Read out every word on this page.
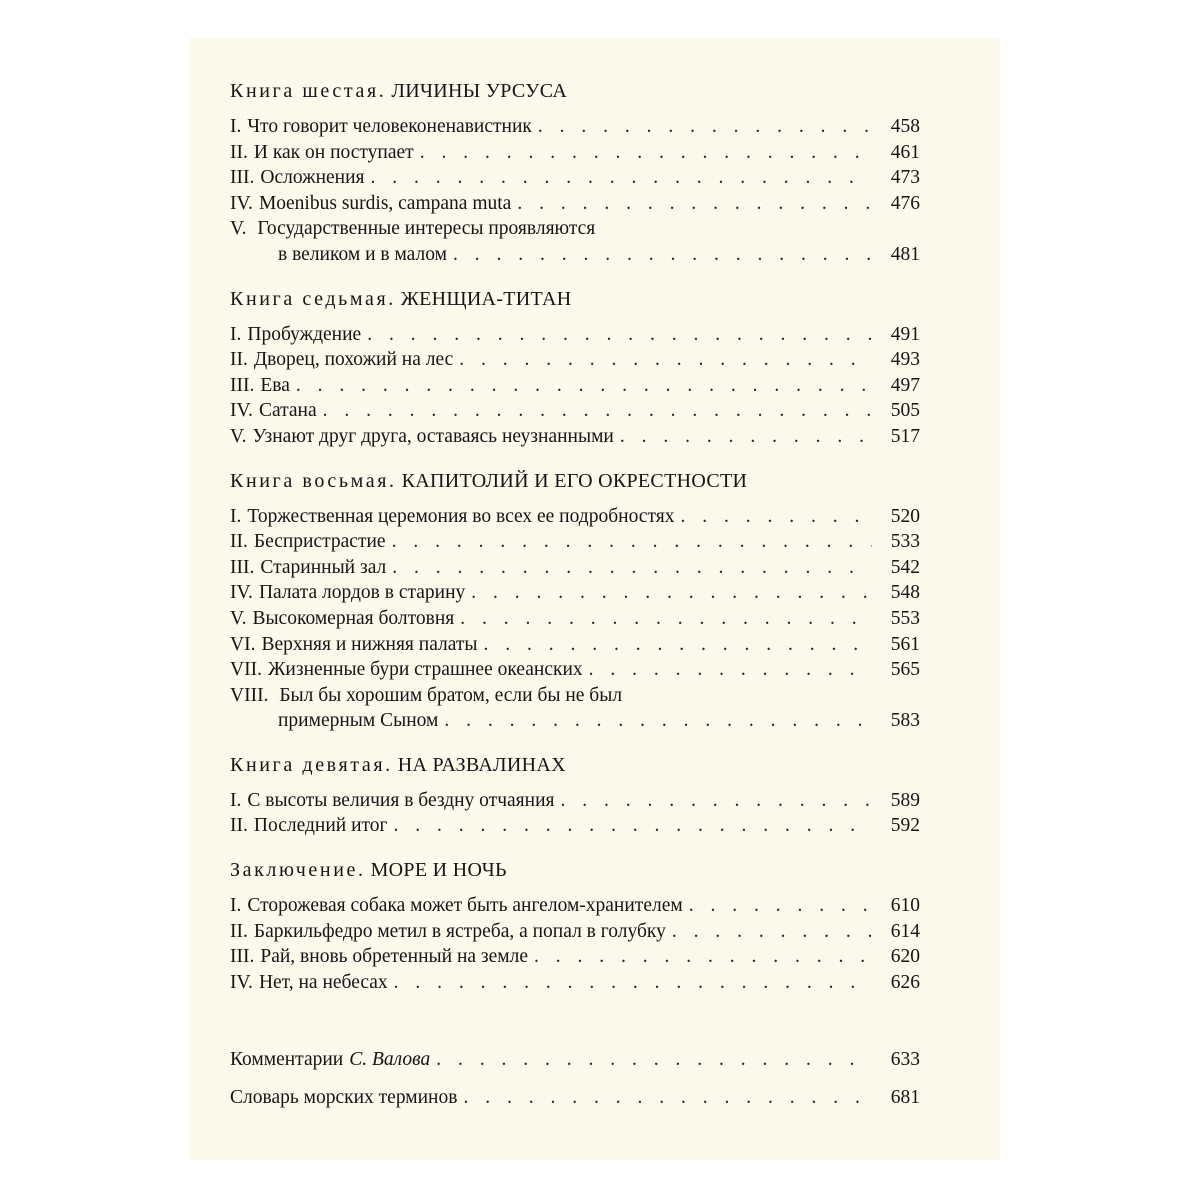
Книга шестая. ЛИЧИНЫ УРСУСА
I. Что говорит человеконенавистник . . .	458
II. И как он поступает . . .	461
III. Осложнения . . .	473
IV. Moenibus surdis, campana muta . . .	476
V. Государственные интересы проявляются
в великом и в малом . . .	481
Книга седьмая. ЖЕНЩИА-ТИТАН
I. Пробуждение . . .	491
II. Дворец, похожий на лес . . .	493
III. Ева . . .	497
IV. Сатана . . .	505
V. Узнают друг друга, оставаясь неузнанными . . .	517
Книга восьмая. КАПИТОЛИЙ И ЕГО ОКРЕСТНОСТИ
I. Торжественная церемония во всех ее подробностях . . .	520
II. Беспристрастие . . .	533
III. Старинный зал . . .	542
IV. Палата лордов в старину . . .	548
V. Высокомерная болтовня . . .	553
VI. Верхняя и нижняя палаты . . .	561
VII. Жизненные бури страшнее океанских . . .	565
VIII. Был бы хорошим братом, если бы не был
примерным Сыном . . .	583
Книга девятая. НА РАЗВАЛИНАХ
I. С высоты величия в бездну отчаяния . . .	589
II. Последний итог . . .	592
Заключение. МОРЕ И НОЧЬ
I. Сторожевая собака может быть ангелом-хранителем . . .	610
II. Баркильфедро метил в ястреба, а попал в голубку . . .	614
III. Рай, вновь обретенный на земле . . .	620
IV. Нет, на небесах . . .	626
Комментарии С. Валова . . .	633
Словарь морских терминов . . .	681
